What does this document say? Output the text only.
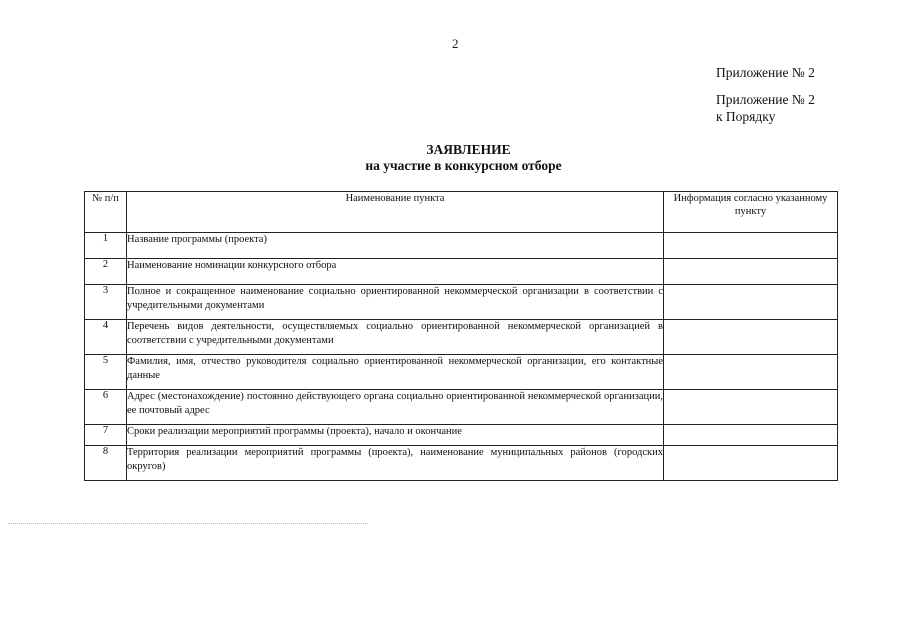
2
Приложение № 2
Приложение № 2
к Порядку
ЗАЯВЛЕНИЕ
на участие в конкурсном отборе
№ п/п	Наименование пункта	Информация согласно указанному пункту
1	Название программы (проекта)	
2	Наименование номинации конкурсного отбора	
3	Полное и сокращенное наименование социально ориентированной некоммерческой организации в соответствии с учредительными документами	
4	Перечень видов деятельности, осуществляемых социально ориентированной некоммерческой организацией в соответствии с учредительными документами	
5	Фамилия, имя, отчество руководителя социально ориентированной некоммерческой организации, его контактные данные	
6	Адрес (местонахождение) постоянно действующего органа социально ориентированной некоммерческой организации, ее почтовый адрес	
7	Сроки реализации мероприятий программы (проекта), начало и окончание	
8	Территория реализации мероприятий программы (проекта), наименование муниципальных районов (городских округов)	
